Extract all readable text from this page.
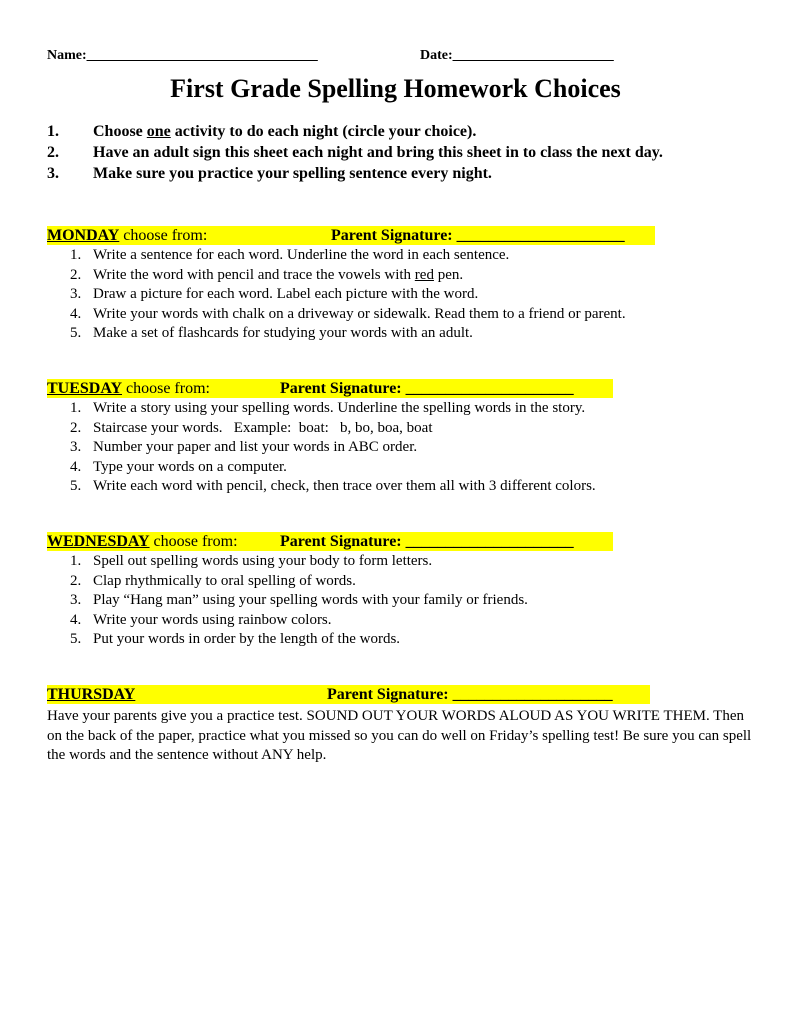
Name:_________________________________	Date:_______________________
First Grade Spelling Homework Choices
1. Choose one activity to do each night (circle your choice).
2. Have an adult sign this sheet each night and bring this sheet in to class the next day.
3. Make sure you practice your spelling sentence every night.
MONDAY choose from:	Parent Signature: _____________________
1. Write a sentence for each word. Underline the word in each sentence.
2. Write the word with pencil and trace the vowels with red pen.
3. Draw a picture for each word. Label each picture with the word.
4. Write your words with chalk on a driveway or sidewalk. Read them to a friend or parent.
5. Make a set of flashcards for studying your words with an adult.
TUESDAY choose from:	Parent Signature: _____________________
1. Write a story using your spelling words. Underline the spelling words in the story.
2. Staircase your words.   Example:  boat:   b, bo, boa, boat
3. Number your paper and list your words in ABC order.
4. Type your words on a computer.
5. Write each word with pencil, check, then trace over them all with 3 different colors.
WEDNESDAY choose from:	Parent Signature: _____________________
1. Spell out spelling words using your body to form letters.
2. Clap rhythmically to oral spelling of words.
3. Play “Hang man” using your spelling words with your family or friends.
4. Write your words using rainbow colors.
5. Put your words in order by the length of the words.
THURSDAY	Parent Signature: ____________________
Have your parents give you a practice test. SOUND OUT YOUR WORDS ALOUD AS YOU WRITE THEM. Then on the back of the paper, practice what you missed so you can do well on Friday’s spelling test! Be sure you can spell the words and the sentence without ANY help.
